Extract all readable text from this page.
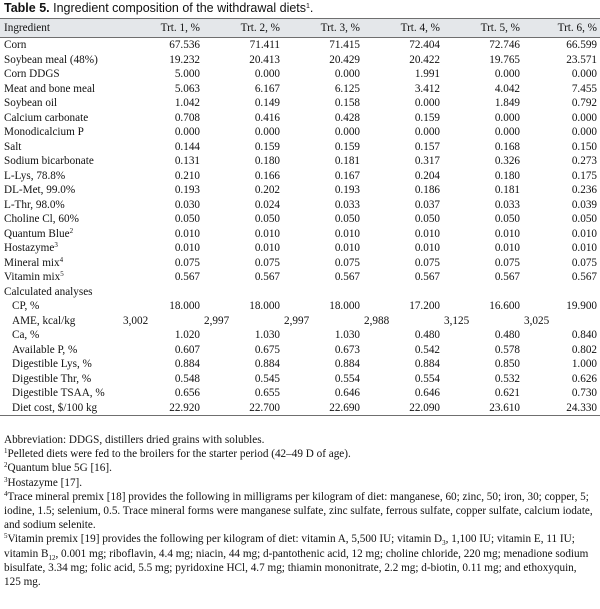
Table 5. Ingredient composition of the withdrawal diets$^1$.
Ingredient	Trt. 1, %	Trt. 2, %	Trt. 3, %	Trt. 4, %	Trt. 5, %	Trt. 6, %
Corn	67.536	71.411	71.415	72.404	72.746	66.599
Soybean meal (48%)	19.232	20.413	20.429	20.422	19.765	23.571
Corn DDGS	5.000	0.000	0.000	1.991	0.000	0.000
Meat and bone meal	5.063	6.167	6.125	3.412	4.042	7.455
Soybean oil	1.042	0.149	0.158	0.000	1.849	0.792
Calcium carbonate	0.708	0.416	0.428	0.159	0.000	0.000
Monodicalcium P	0.000	0.000	0.000	0.000	0.000	0.000
Salt	0.144	0.159	0.159	0.157	0.168	0.150
Sodium bicarbonate	0.131	0.180	0.181	0.317	0.326	0.273
L-Lys, 78.8%	0.210	0.166	0.167	0.204	0.180	0.175
DL-Met, 99.0%	0.193	0.202	0.193	0.186	0.181	0.236
L-Thr, 98.0%	0.030	0.024	0.033	0.037	0.033	0.039
Choline Cl, 60%	0.050	0.050	0.050	0.050	0.050	0.050
Quantum Blue$^2$	0.010	0.010	0.010	0.010	0.010	0.010
Hostazyme$^3$	0.010	0.010	0.010	0.010	0.010	0.010
Mineral mix$^4$	0.075	0.075	0.075	0.075	0.075	0.075
Vitamin mix$^5$	0.567	0.567	0.567	0.567	0.567	0.567
Calculated analyses						
CP, %	18.000	18.000	18.000	17.200	16.600	19.900
AME, kcal/kg	3,002	2,997	2,997	2,988	3,125	3,025
Ca, %	1.020	1.030	1.030	0.480	0.480	0.840
Available P, %	0.607	0.675	0.673	0.542	0.578	0.802
Digestible Lys, %	0.884	0.884	0.884	0.884	0.850	1.000
Digestible Thr, %	0.548	0.545	0.554	0.554	0.532	0.626
Digestible TSAA, %	0.656	0.655	0.646	0.646	0.621	0.730
Diet cost, $/100 kg	22.920	22.700	22.690	22.090	23.610	24.330

Abbreviation: DDGS, distillers dried grains with solubles.

$^1$Pelleted diets were fed to the broilers for the starter period (42–49 D of age).

$^2$Quantum blue 5G [16].

$^3$Hostazyme [17].

$^4$Trace mineral premix [18] provides the following in milligrams per kilogram of diet: manganese, 60; zinc, 50; iron, 30; copper, 5; iodine, 1.5; selenium, 0.5. Trace mineral forms were manganese sulfate, zinc sulfate, ferrous sulfate, copper sulfate, calcium iodate, and sodium selenite.

$^5$Vitamin premix [19] provides the following per kilogram of diet: vitamin A, 5,500 IU; vitamin $D_3$, 1,100 IU; vitamin E, 11 IU; vitamin $B_{12}$, 0.001 mg; riboflavin, 4.4 mg; niacin, 44 mg; d-pantothenic acid, 12 mg; choline chloride, 220 mg; menadione sodium bisulfate, 3.34 mg; folic acid, 5.5 mg; pyridoxine HCl, 4.7 mg; thiamin mononitrate, 2.2 mg; d-biotin, 0.11 mg; and ethoxyquin, 125 mg.
